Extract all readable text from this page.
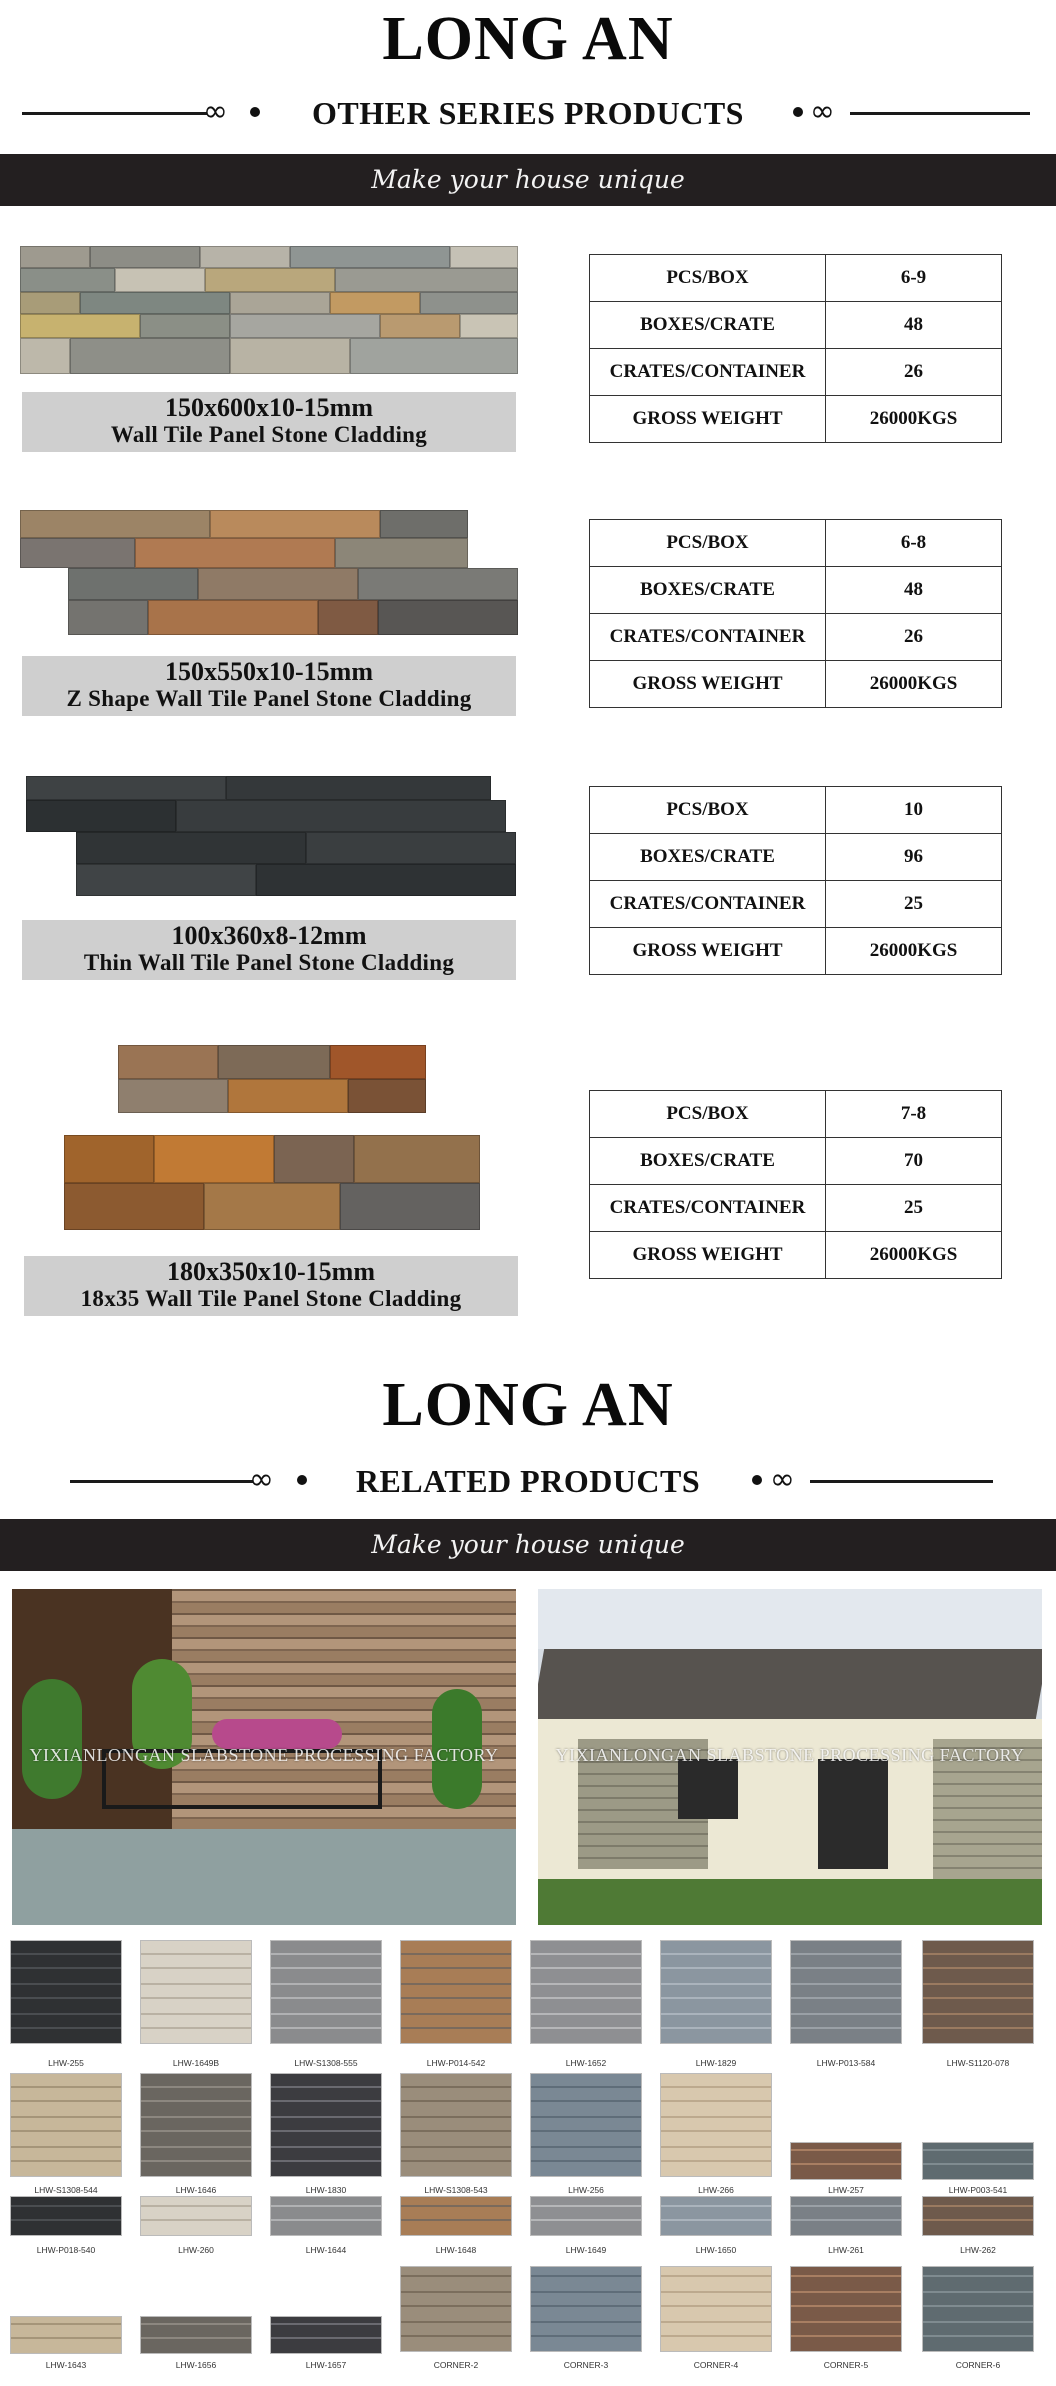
LONG AN
∞	OTHER SERIES PRODUCTS	∞
Make your house unique
150x600x10-15mm
Wall Tile Panel Stone Cladding
PCS/BOX	6-9
BOXES/CRATE	48
CRATES/CONTAINER	26
GROSS WEIGHT	26000KGS
150x550x10-15mm
Z Shape Wall Tile Panel Stone Cladding
PCS/BOX	6-8
BOXES/CRATE	48
CRATES/CONTAINER	26
GROSS WEIGHT	26000KGS
100x360x8-12mm
Thin Wall Tile Panel Stone Cladding
PCS/BOX	10
BOXES/CRATE	96
CRATES/CONTAINER	25
GROSS WEIGHT	26000KGS
180x350x10-15mm
18x35 Wall Tile Panel Stone Cladding
PCS/BOX	7-8
BOXES/CRATE	70
CRATES/CONTAINER	25
GROSS WEIGHT	26000KGS
LONG AN
∞	RELATED PRODUCTS	∞
Make your house unique
YIXIANLONGAN SLABSTONE PROCESSING FACTORY	YIXIANLONGAN SLABSTONE PROCESSING FACTORY
LHW-255	LHW-1649B	LHW-S1308-555	LHW-P014-542	LHW-1652	LHW-1829	LHW-P013-584	LHW-S1120-078
LHW-S1308-544	LHW-1646	LHW-1830	LHW-S1308-543	LHW-256	LHW-266	LHW-257	LHW-P003-541
LHW-P018-540	LHW-260	LHW-1644	LHW-1648	LHW-1649	LHW-1650	LHW-261	LHW-262
LHW-1643	LHW-1656	LHW-1657	CORNER-2	CORNER-3	CORNER-4	CORNER-5	CORNER-6
